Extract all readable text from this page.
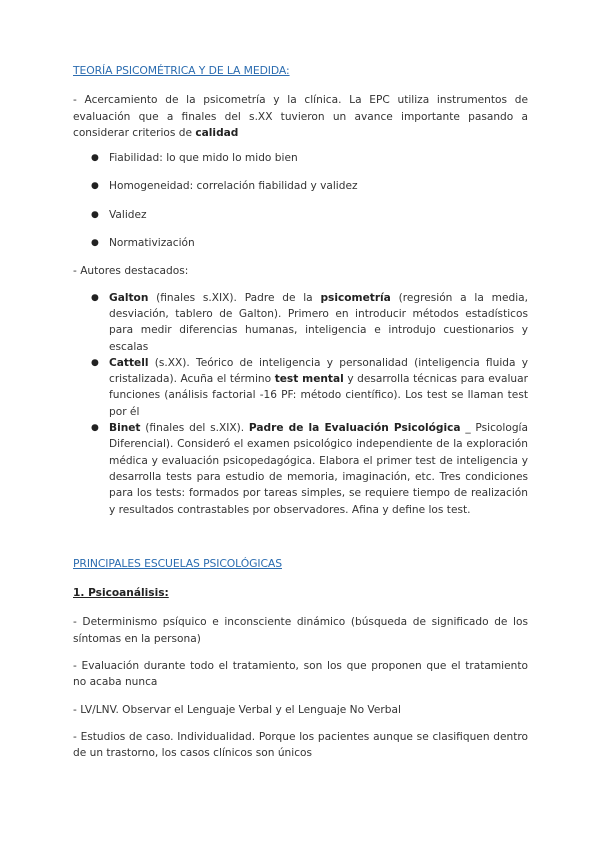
TEORÍA PSICOMÉTRICA Y DE LA MEDIDA:

- Acercamiento de la psicometría y la clínica. La EPC utiliza instrumentos de evaluación que a finales del s.XX tuvieron un avance importante pasando a considerar criterios de calidad

● Fiabilidad: lo que mido lo mido bien
● Homogeneidad: correlación fiabilidad y validez
● Validez
● Normativización

- Autores destacados:

● Galton (finales s.XIX). Padre de la psicometría (regresión a la media, desviación, tablero de Galton). Primero en introducir métodos estadísticos para medir diferencias humanas, inteligencia e introdujo cuestionarios y escalas
● Cattell (s.XX). Teórico de inteligencia y personalidad (inteligencia fluida y cristalizada). Acuña el término test mental y desarrolla técnicas para evaluar funciones (análisis factorial -16 PF: método científico). Los test se llaman test por él
● Binet (finales del s.XIX). Padre de la Evaluación Psicológica _ Psicología Diferencial). Consideró el examen psicológico independiente de la exploración médica y evaluación psicopedagógica. Elabora el primer test de inteligencia y desarrolla tests para estudio de memoria, imaginación, etc. Tres condiciones para los tests: formados por tareas simples, se requiere tiempo de realización y resultados contrastables por observadores. Afina y define los test.

PRINCIPALES ESCUELAS PSICOLÓGICAS

1. Psicoanálisis:

- Determinismo psíquico e inconsciente dinámico (búsqueda de significado de los síntomas en la persona)

- Evaluación durante todo el tratamiento, son los que proponen que el tratamiento no acaba nunca

- LV/LNV. Observar el Lenguaje Verbal y el Lenguaje No Verbal

- Estudios de caso. Individualidad. Porque los pacientes aunque se clasifiquen dentro de un trastorno, los casos clínicos son únicos
